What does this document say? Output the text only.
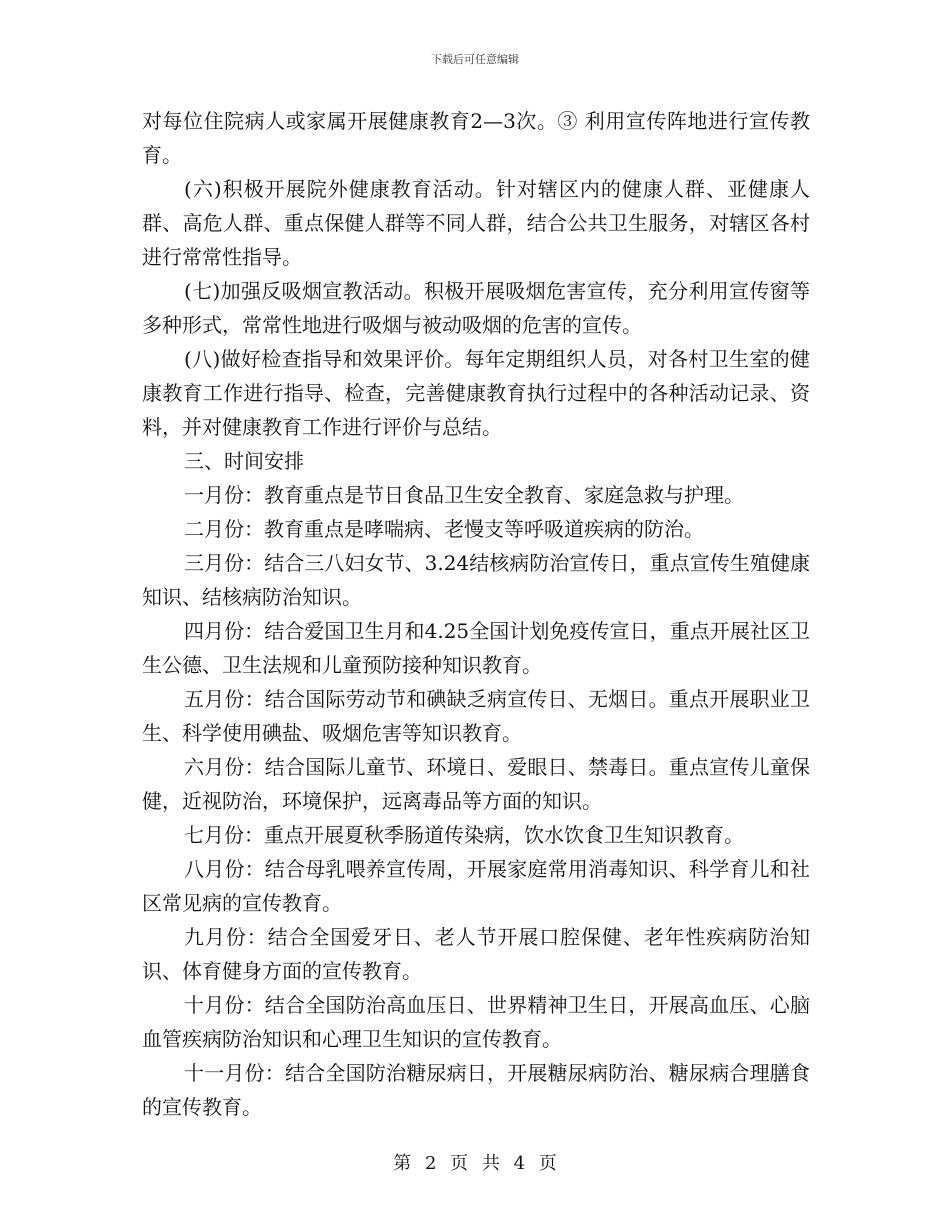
下载后可任意编辑

对每位住院病人或家属开展健康教育2—3次。③ 利用宣传阵地进行宣传教育。

(六)积极开展院外健康教育活动。针对辖区内的健康人群、亚健康人群、高危人群、重点保健人群等不同人群，结合公共卫生服务，对辖区各村进行常常性指导。

(七)加强反吸烟宣教活动。积极开展吸烟危害宣传，充分利用宣传窗等多种形式，常常性地进行吸烟与被动吸烟的危害的宣传。

(八)做好检查指导和效果评价。每年定期组织人员，对各村卫生室的健康教育工作进行指导、检查，完善健康教育执行过程中的各种活动记录、资料，并对健康教育工作进行评价与总结。

三、时间安排

一月份：教育重点是节日食品卫生安全教育、家庭急救与护理。

二月份：教育重点是哮喘病、老慢支等呼吸道疾病的防治。

三月份：结合三八妇女节、3.24结核病防治宣传日，重点宣传生殖健康知识、结核病防治知识。

四月份：结合爱国卫生月和4.25全国计划免疫传宣日，重点开展社区卫生公德、卫生法规和儿童预防接种知识教育。

五月份：结合国际劳动节和碘缺乏病宣传日、无烟日。重点开展职业卫生、科学使用碘盐、吸烟危害等知识教育。

六月份：结合国际儿童节、环境日、爱眼日、禁毒日。重点宣传儿童保健，近视防治，环境保护，远离毒品等方面的知识。

七月份：重点开展夏秋季肠道传染病，饮水饮食卫生知识教育。

八月份：结合母乳喂养宣传周，开展家庭常用消毒知识、科学育儿和社区常见病的宣传教育。

九月份：结合全国爱牙日、老人节开展口腔保健、老年性疾病防治知识、体育健身方面的宣传教育。

十月份：结合全国防治高血压日、世界精神卫生日，开展高血压、心脑血管疾病防治知识和心理卫生知识的宣传教育。

十一月份：结合全国防治糖尿病日，开展糖尿病防治、糖尿病合理膳食的宣传教育。

第 2 页 共 4 页
